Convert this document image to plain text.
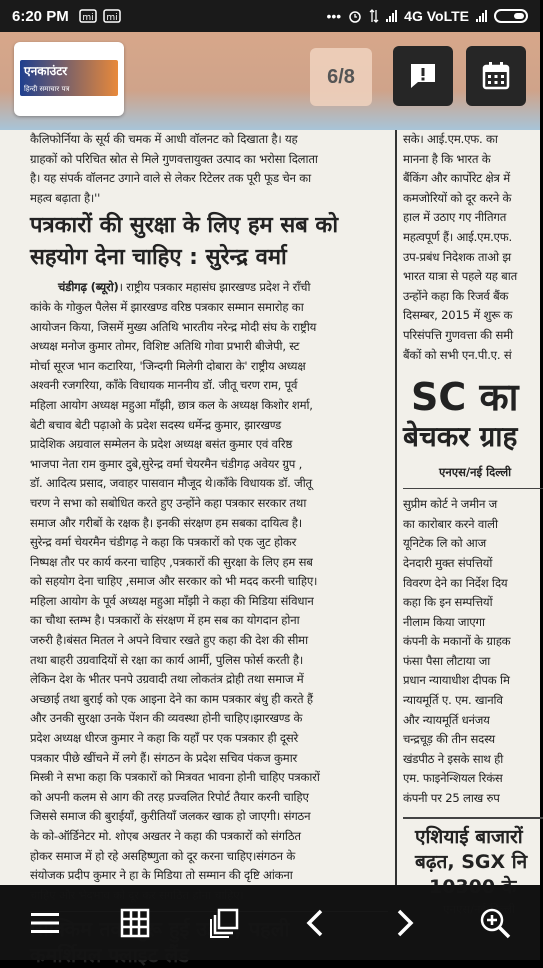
6:20 PM mi mi	•••	4G VoLTE
एनकाउंटर
हिन्दी समाचार पत्र
6/8
कैलिफोर्निया के सूर्य की चमक में आधी वॉलनट को दिखाता है। यह
ग्राहकों को परिचित स्रोत से मिले गुणवत्तायुक्त उत्पाद का भरोसा दिलाता
है। यह संपर्क वॉलनट उगाने वाले से लेकर रिटेलर तक पूरी फूड चेन का
महत्व बढ़ाता है।''
पत्रकारों की सुरक्षा के लिए हम सब को
सहयोग देना चाहिए : सुरेन्द्र वर्मा
चंडीगढ़ (ब्यूरो)। राष्ट्रीय पत्रकार महासंघ झारखण्ड प्रदेश ने राँची
कांके के गोकुल पैलेस में झारखण्ड वरिष्ठ पत्रकार सम्मान समारोह का
आयोजन किया, जिसमें मुख्य अतिथि भारतीय नरेन्द्र मोदी संघ के राष्ट्रीय
अध्यक्ष मनोज कुमार तोमर, विशिष्ट अतिथि गोवा प्रभारी बीजेपी, स्ट
मोर्चा सूरज भान कटारिया, 'जिन्दगी मिलेगी दोबारा के' राष्ट्रीय अध्यक्ष
अश्वनी रजगरिया, काँके विधायक माननीय डॉ. जीतू चरण राम, पूर्व
महिला आयोग अध्यक्ष महुआ माँझी, छात्र कल के अध्यक्ष किशोर शर्मा,
बेटी बचाव बेटी पढ़ाओ के प्रदेश सदस्य धर्मेन्द्र कुमार, झारखण्ड
प्रादेशिक अग्रवाल सम्मेलन के प्रदेश अध्यक्ष बसंत कुमार एवं वरिष्ठ
भाजपा नेता राम कुमार दुबे,सुरेन्द्र वर्मा चेयरमैन चंडीगढ़ अवेयर ग्रुप ,
डॉ. आदित्य प्रसाद, जवाहर पासवान मौजूद थे।काँके विधायक डॉ. जीतू
चरण ने सभा को सबोधित करते हुए उन्होंने कहा पत्रकार सरकार तथा
समाज और गरीबों के रक्षक है। इनकी संरक्षण हम सबका दायित्व है।
सुरेन्द्र वर्मा चेयरमैन चंडीगढ़ ने कहा कि पत्रकारों को एक जुट होकर
निष्पक्ष तौर पर कार्य करना चाहिए ,पत्रकारों की सुरक्षा के लिए हम सब
को सहयोग देना चाहिए ,समाज और सरकार को भी मदद करनी चाहिए।
महिला आयोग के पूर्व अध्यक्ष महुआ माँझी ने कहा की मिडिया संविधान
का चौथा स्तम्भ है। पत्रकारों के संरक्षण में हम सब का योगदान होना
जरुरी है।बंसत मितल ने अपने विचार रखते हुए कहा की देश की सीमा
तथा बाहरी उग्रवादियों से रक्षा का कार्य आर्मी, पुलिस फोर्स करती है।
लेकिन देश के भीतर पनपे उग्रवादी तथा लोकतंत्र द्रोही तथा समाज में
अच्छाई तथा बुराई को एक आइना देने का काम पत्रकार बंधु ही करते हैं
और उनकी सुरक्षा उनके पेंशन की व्यवस्था होनी चाहिए।झारखण्ड के
प्रदेश अध्यक्ष धीरज कुमार ने कहा कि यहाँ पर एक पत्रकार ही दूसरे
पत्रकार पीछे खींचने में लगे हैं। संगठन के प्रदेश सचिव पंकज कुमार
मिस्त्री ने सभा कहा कि पत्रकारों को मित्रवत भावना होनी चाहिए पत्रकारों
को अपनी कलम से आग की तरह प्रज्वलित रिपोर्ट तैयार करनी चाहिए
जिससे समाज की बुराईयाँ, कुरीतियाँ जलकर खाक हो जाएगी। संगठन
के को-ऑर्डिनेटर मो. शोएब अखतर ने कहा की पत्रकारों को संगठित
होकर समाज में हो रहे असहिष्णुता को दूर करना चाहिए।संगठन के
संयोजक प्रदीप कुमार ने हा के मिडिया तो सम्मान की दृष्टि आंकना
सके। आई.एम.एफ. का
मानना है कि भारत के
बैंकिंग और कार्पोरेट क्षेत्र में
कमजोरियों को दूर करने के
हाल में उठाए गए नीतिगत
महत्वपूर्ण हैं। आई.एम.एफ.
उप-प्रबंध निदेशक ताओ झ
भारत यात्रा से पहले यह बात
उन्होंने कहा कि रिजर्व बैंक
दिसम्बर, 2015 में शुरू क
परिसंपत्ति गुणवत्ता की समी
बैंकों को सभी एन.पी.ए. सं
SC का
बेचकर ग्राह
एनएस/नई दिल्ली
सुप्रीम कोर्ट ने जमीन ज
का कारोबार करने वाली
यूनिटेक लि को आज
देनदारी मुक्त संपत्तियों
विवरण देने का निर्देश दिय
कहा कि इन सम्पत्तियों
नीलाम किया जाएगा
कंपनी के मकानों के ग्राहक
फंसा पैसा लौटाया जा
प्रधान न्यायाधीश दीपक मि
न्यायमूर्ति ए. एम. खानवि
और न्यायमूर्ति धनंजय
चन्द्रचूड़ की तीन सदस्य
खंडपीठ ने इसके साथ ही
एम. फाइनेन्शियल रिकंस
कंपनी पर 25 लाख रुप
एशियाई बाजारों
बढ़त, SGX नि
